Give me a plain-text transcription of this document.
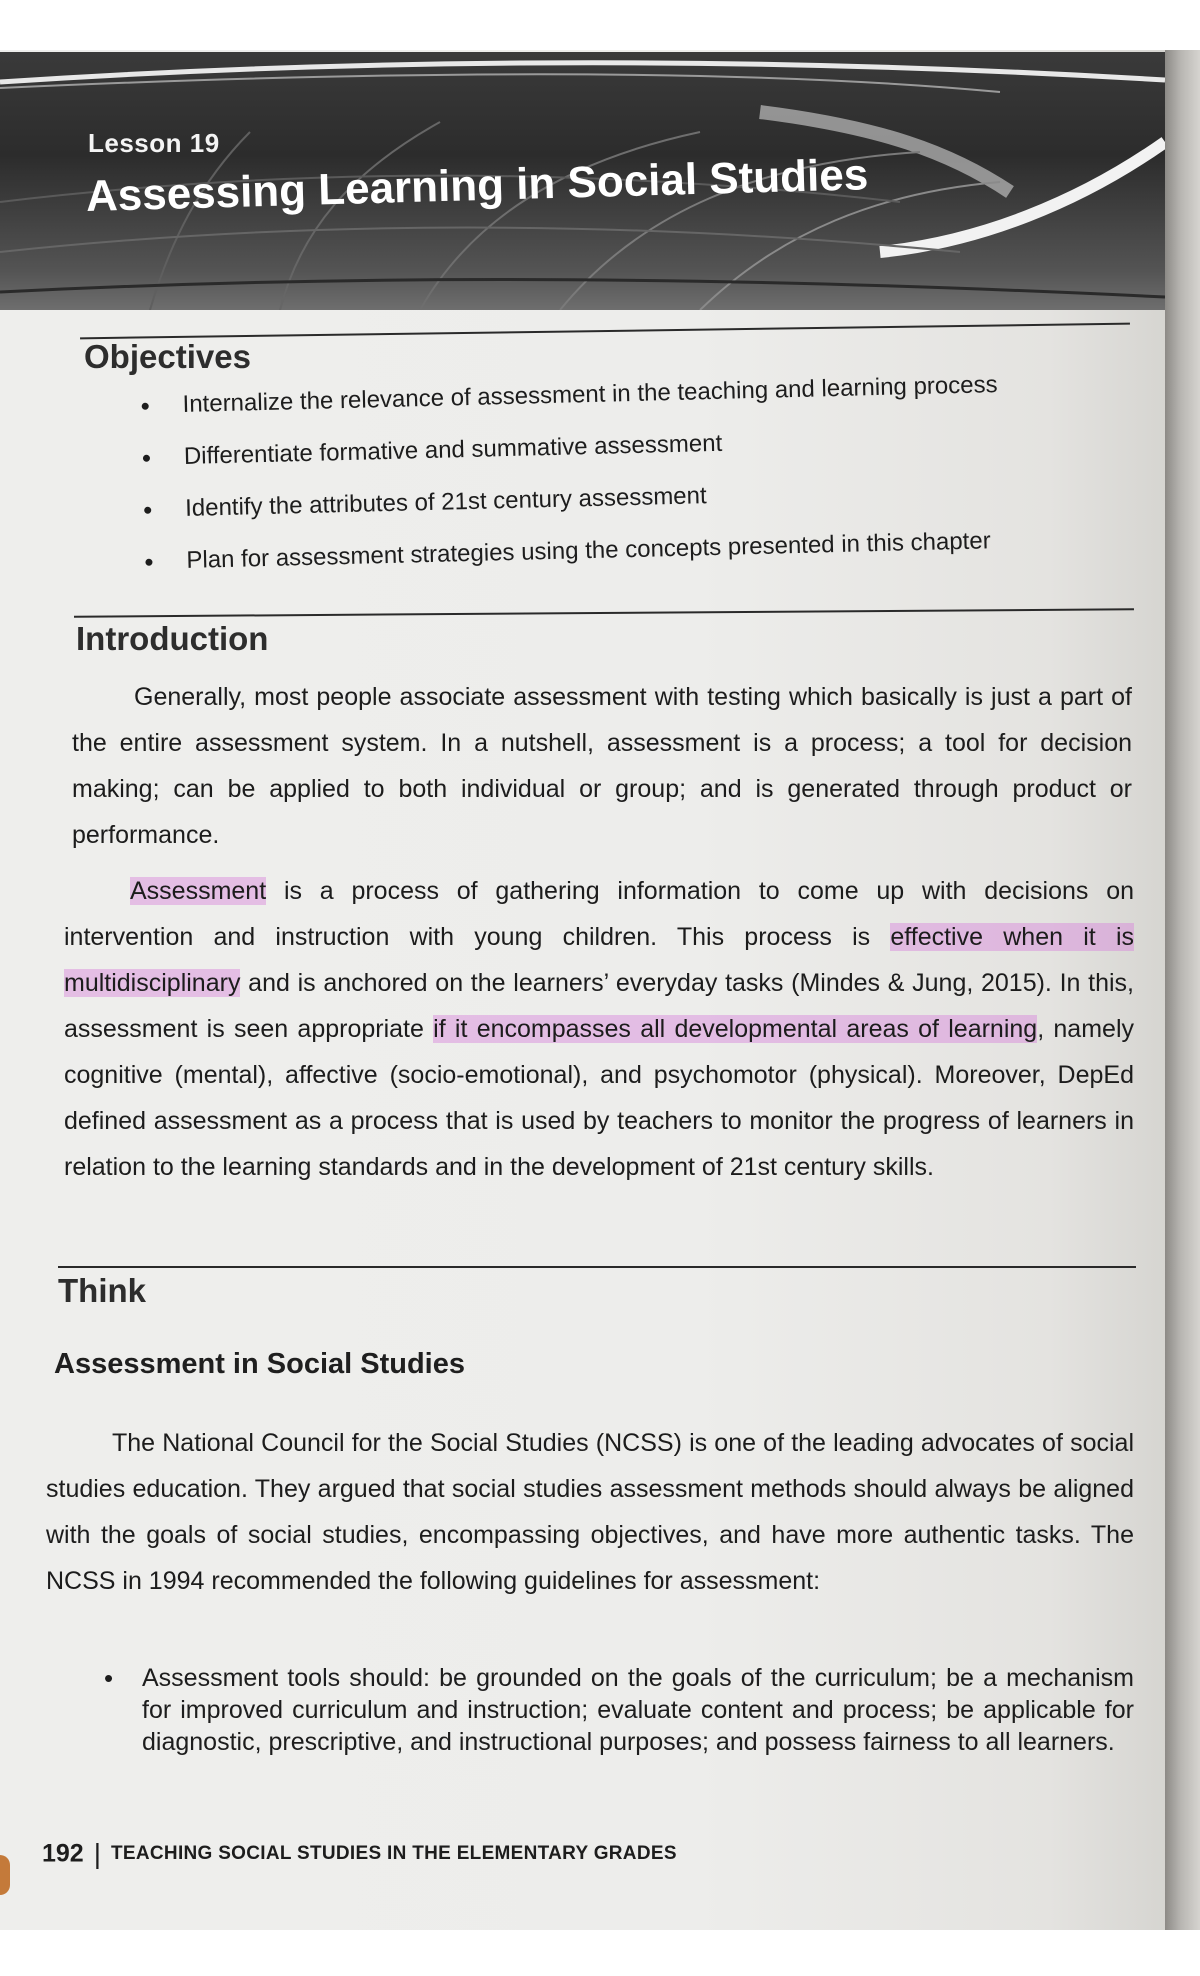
Lesson 19
Assessing Learning in Social Studies
Objectives
• Internalize the relevance of assessment in the teaching and learning process
• Differentiate formative and summative assessment
• Identify the attributes of 21st century assessment
• Plan for assessment strategies using the concepts presented in this chapter
Introduction

Generally, most people associate assessment with testing which basically is just a part of the entire assessment system. In a nutshell, assessment is a process; a tool for decision making; can be applied to both individual or group; and is generated through product or performance.

Assessment is a process of gathering information to come up with decisions on intervention and instruction with young children. This process is effective when it is multidisciplinary and is anchored on the learners’ everyday tasks (Mindes & Jung, 2015). In this, assessment is seen appropriate if it encompasses all developmental areas of learning, namely cognitive (mental), affective (socio-emotional), and psychomotor (physical). Moreover, DepEd defined assessment as a process that is used by teachers to monitor the progress of learners in relation to the learning standards and in the development of 21st century skills.

Think
Assessment in Social Studies

The National Council for the Social Studies (NCSS) is one of the leading advocates of social studies education. They argued that social studies assessment methods should always be aligned with the goals of social studies, encompassing objectives, and have more authentic tasks. The NCSS in 1994 recommended the following guidelines for assessment:

• Assessment tools should: be grounded on the goals of the curriculum; be a mechanism for improved curriculum and instruction; evaluate content and process; be applicable for diagnostic, prescriptive, and instructional purposes; and possess fairness to all learners.
192 | TEACHING SOCIAL STUDIES IN THE ELEMENTARY GRADES
